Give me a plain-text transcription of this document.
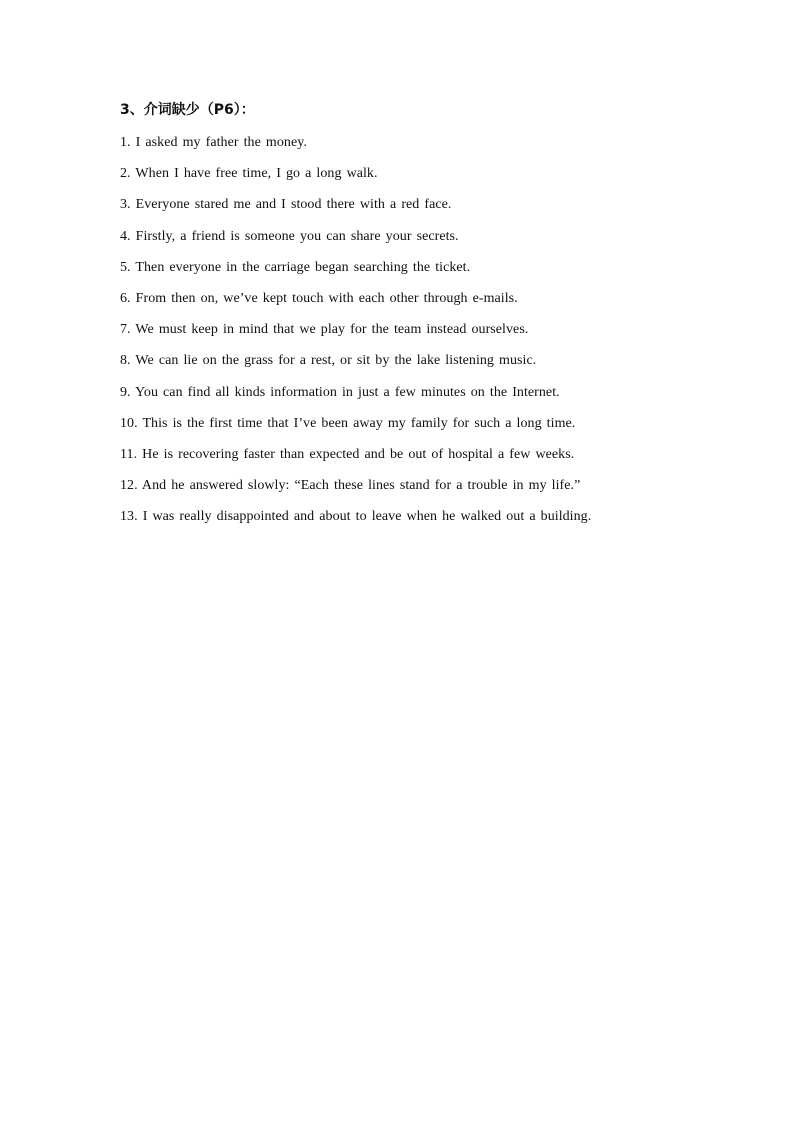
3、介词缺少（P6）：
1. I asked my father the money.
2. When I have free time, I go a long walk.
3. Everyone stared me and I stood there with a red face.
4. Firstly, a friend is someone you can share your secrets.
5. Then everyone in the carriage began searching the ticket.
6. From then on, we’ve kept touch with each other through e-mails.
7. We must keep in mind that we play for the team instead ourselves.
8. We can lie on the grass for a rest, or sit by the lake listening music.
9. You can find all kinds information in just a few minutes on the Internet.
10. This is the first time that I’ve been away my family for such a long time.
11. He is recovering faster than expected and be out of hospital a few weeks.
12. And he answered slowly: “Each these lines stand for a trouble in my life.”
13. I was really disappointed and about to leave when he walked out a building.
